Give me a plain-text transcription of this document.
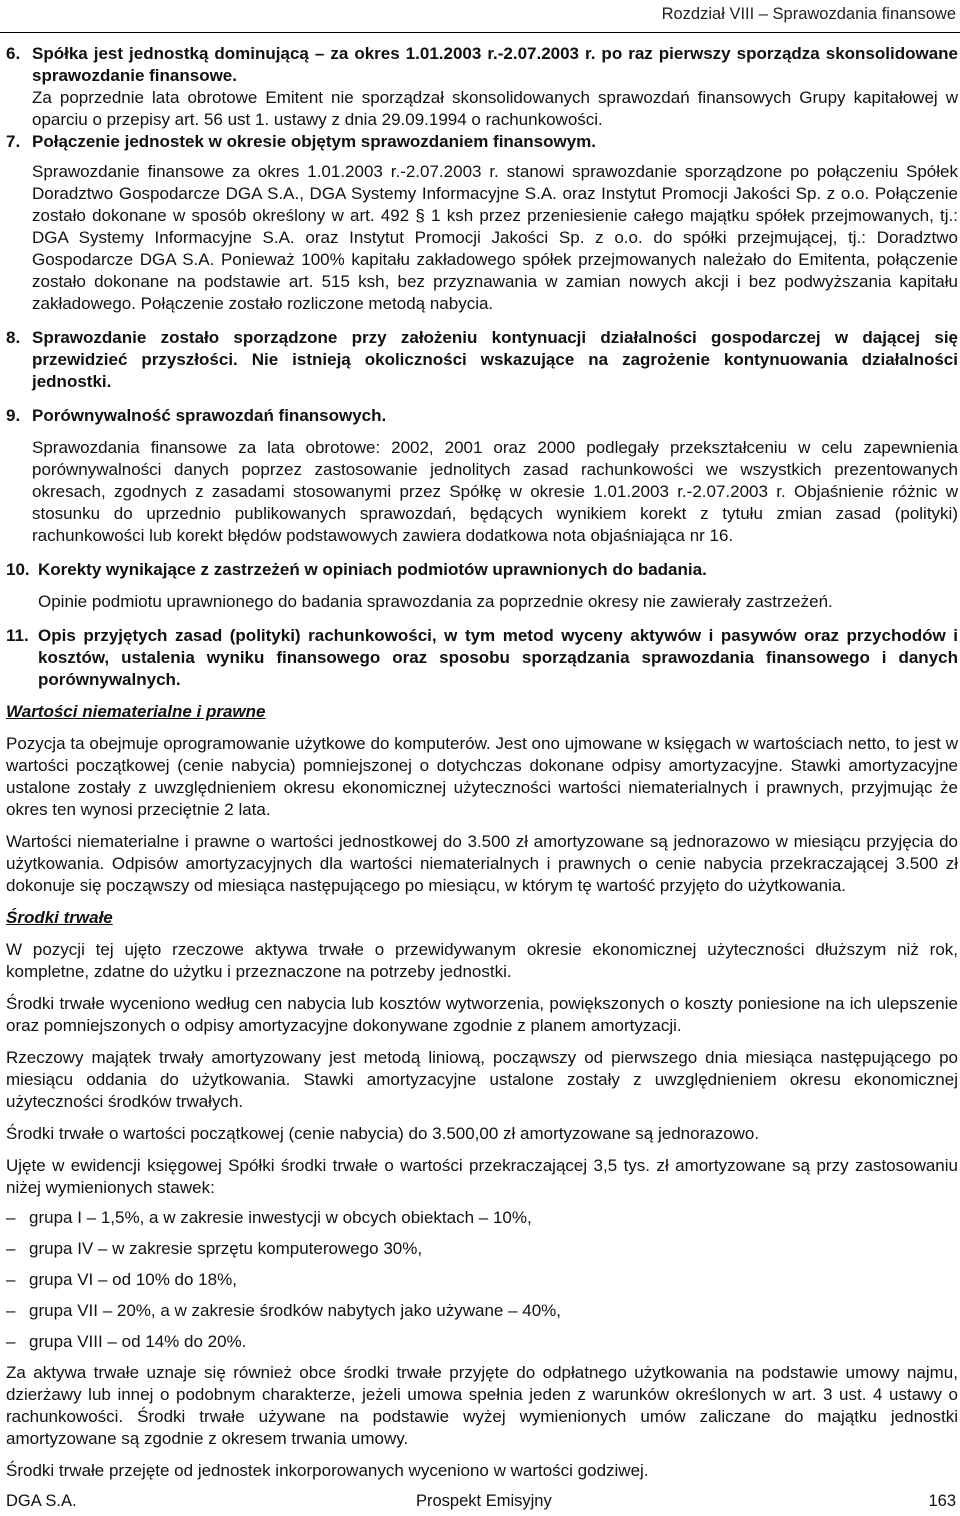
Rozdział VIII – Sprawozdania finansowe
6. Spółka jest jednostką dominującą – za okres 1.01.2003 r.-2.07.2003 r. po raz pierwszy sporządza skonsolidowane sprawozdanie finansowe.

Za poprzednie lata obrotowe Emitent nie sporządzał skonsolidowanych sprawozdań finansowych Grupy kapitałowej w oparciu o przepisy art. 56 ust 1. ustawy z dnia 29.09.1994 o rachunkowości.

7. Połączenie jednostek w okresie objętym sprawozdaniem finansowym.

Sprawozdanie finansowe za okres 1.01.2003 r.-2.07.2003 r. stanowi sprawozdanie sporządzone po połączeniu Spółek Doradztwo Gospodarcze DGA S.A., DGA Systemy Informacyjne S.A. oraz Instytut Promocji Jakości Sp. z o.o. Połączenie zostało dokonane w sposób określony w art. 492 § 1 ksh przez przeniesienie całego majątku spółek przejmowanych, tj.: DGA Systemy Informacyjne S.A. oraz Instytut Promocji Jakości Sp. z o.o. do spółki przejmującej, tj.: Doradztwo Gospodarcze DGA S.A. Ponieważ 100% kapitału zakładowego spółek przejmowanych należało do Emitenta, połączenie zostało dokonane na podstawie art. 515 ksh, bez przyznawania w zamian nowych akcji i bez podwyższania kapitału zakładowego. Połączenie zostało rozliczone metodą nabycia.

8. Sprawozdanie zostało sporządzone przy założeniu kontynuacji działalności gospodarczej w dającej się przewidzieć przyszłości. Nie istnieją okoliczności wskazujące na zagrożenie kontynuowania działalności jednostki.
9. Porównywalność sprawozdań finansowych.

Sprawozdania finansowe za lata obrotowe: 2002, 2001 oraz 2000 podlegały przekształceniu w celu zapewnienia porównywalności danych poprzez zastosowanie jednolitych zasad rachunkowości we wszystkich prezentowanych okresach, zgodnych z zasadami stosowanymi przez Spółkę w okresie 1.01.2003 r.-2.07.2003 r. Objaśnienie różnic w stosunku do uprzednio publikowanych sprawozdań, będących wynikiem korekt z tytułu zmian zasad (polityki) rachunkowości lub korekt błędów podstawowych zawiera dodatkowa nota objaśniająca nr 16.

10. Korekty wynikające z zastrzeżeń w opiniach podmiotów uprawnionych do badania.

Opinie podmiotu uprawnionego do badania sprawozdania za poprzednie okresy nie zawierały zastrzeżeń.

11. Opis przyjętych zasad (polityki) rachunkowości, w tym metod wyceny aktywów i pasywów oraz przychodów i kosztów, ustalenia wyniku finansowego oraz sposobu sporządzania sprawozdania finansowego i danych porównywalnych.

Wartości niematerialne i prawne

Pozycja ta obejmuje oprogramowanie użytkowe do komputerów. Jest ono ujmowane w księgach w wartościach netto, to jest w wartości początkowej (cenie nabycia) pomniejszonej o dotychczas dokonane odpisy amortyzacyjne. Stawki amortyzacyjne ustalone zostały z uwzględnieniem okresu ekonomicznej użyteczności wartości niematerialnych i prawnych, przyjmując że okres ten wynosi przeciętnie 2 lata.

Wartości niematerialne i prawne o wartości jednostkowej do 3.500 zł amortyzowane są jednorazowo w miesiącu przyjęcia do użytkowania. Odpisów amortyzacyjnych dla wartości niematerialnych i prawnych o cenie nabycia przekraczającej 3.500 zł dokonuje się począwszy od miesiąca następującego po miesiącu, w którym tę wartość przyjęto do użytkowania.

Środki trwałe

W pozycji tej ujęto rzeczowe aktywa trwałe o przewidywanym okresie ekonomicznej użyteczności dłuższym niż rok, kompletne, zdatne do użytku i przeznaczone na potrzeby jednostki.

Środki trwałe wyceniono według cen nabycia lub kosztów wytworzenia, powiększonych o koszty poniesione na ich ulepszenie oraz pomniejszonych o odpisy amortyzacyjne dokonywane zgodnie z planem amortyzacji.

Rzeczowy majątek trwały amortyzowany jest metodą liniową, począwszy od pierwszego dnia miesiąca następującego po miesiącu oddania do użytkowania. Stawki amortyzacyjne ustalone zostały z uwzględnieniem okresu ekonomicznej użyteczności środków trwałych.

Środki trwałe o wartości początkowej (cenie nabycia) do 3.500,00 zł amortyzowane są jednorazowo.

Ujęte w ewidencji księgowej Spółki środki trwałe o wartości przekraczającej 3,5 tys. zł amortyzowane są przy zastosowaniu niżej wymienionych stawek:

– grupa I – 1,5%, a w zakresie inwestycji w obcych obiektach – 10%,
– grupa IV – w zakresie sprzętu komputerowego 30%,
– grupa VI – od 10% do 18%,
– grupa VII – 20%, a w zakresie środków nabytych jako używane – 40%,
– grupa VIII – od 14% do 20%.

Za aktywa trwałe uznaje się również obce środki trwałe przyjęte do odpłatnego użytkowania na podstawie umowy najmu, dzierżawy lub innej o podobnym charakterze, jeżeli umowa spełnia jeden z warunków określonych w art. 3 ust. 4 ustawy o rachunkowości. Środki trwałe używane na podstawie wyżej wymienionych umów zaliczane do majątku jednostki amortyzowane są zgodnie z okresem trwania umowy.

Środki trwałe przejęte od jednostek inkorporowanych wyceniono w wartości godziwej.

DGA S.A.	Prospekt Emisyjny	163
